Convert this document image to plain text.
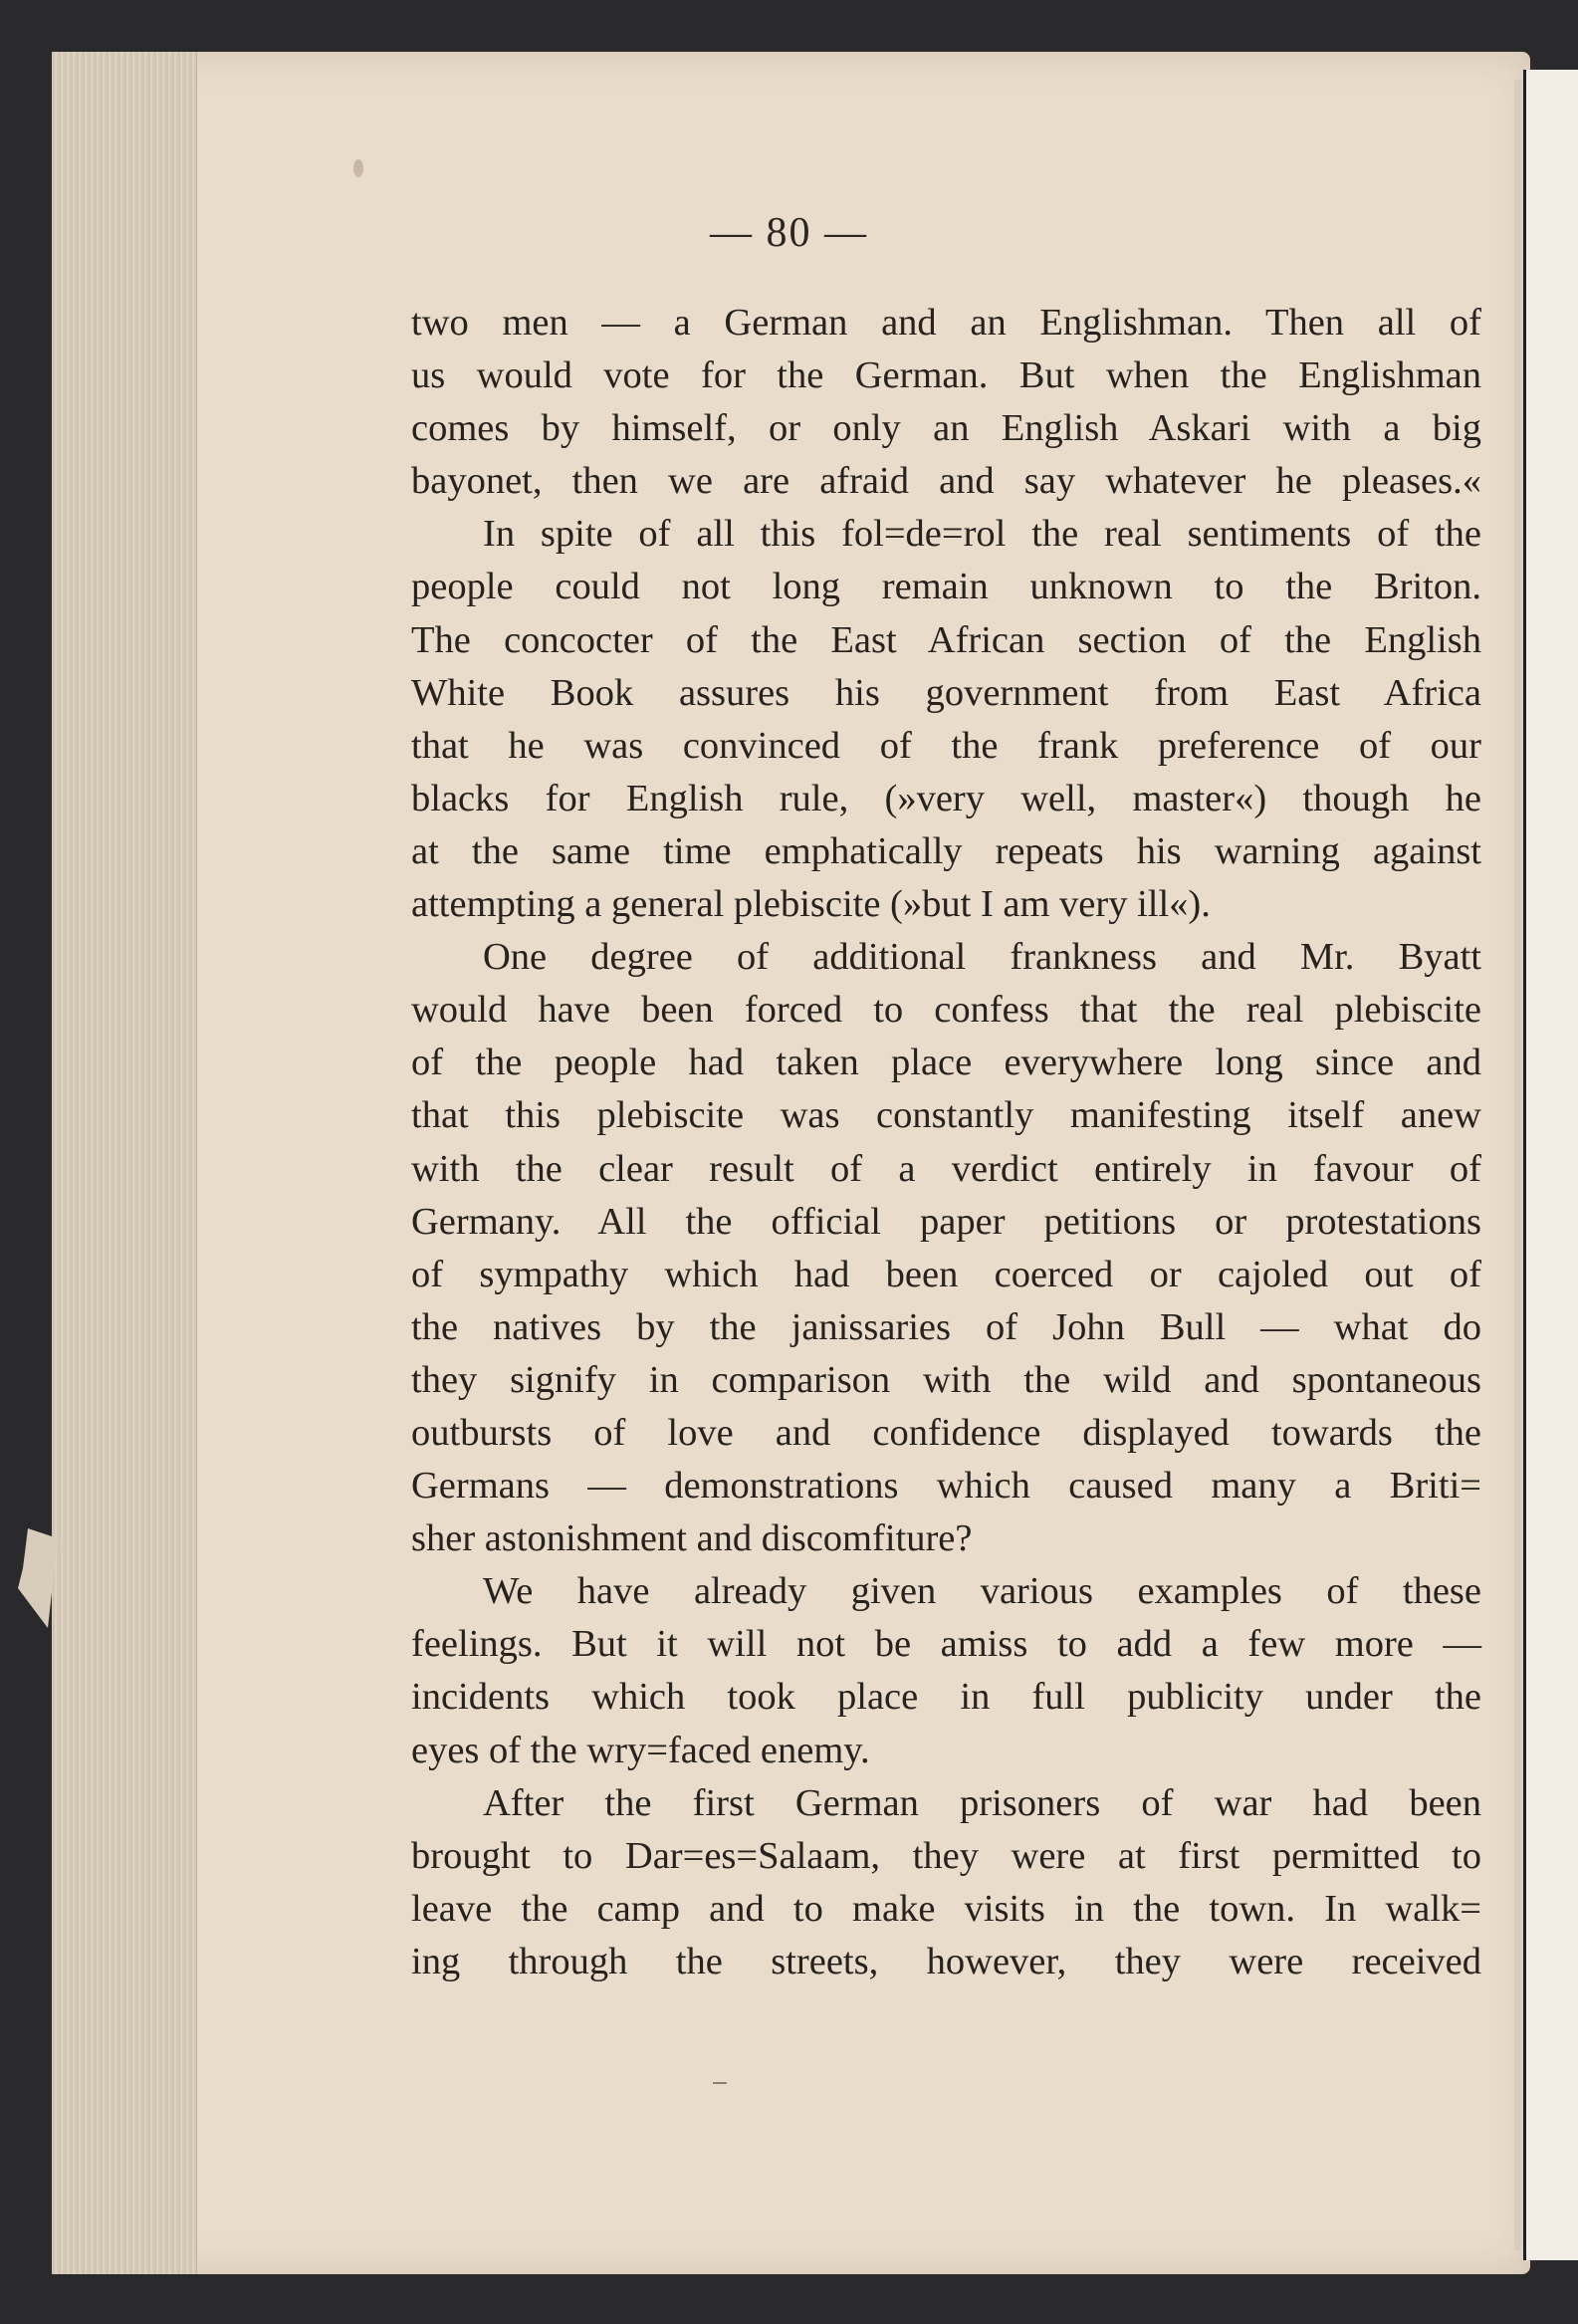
— 80 —
two men — a German and an Englishman. Then all of
us would vote for the German. But when the Englishman
comes by himself, or only an English Askari with a big
bayonet, then we are afraid and say whatever he pleases.«
In spite of all this fol=de=rol the real sentiments of the
people could not long remain unknown to the Briton.
The concocter of the East African section of the English
White Book assures his government from East Africa
that he was convinced of the frank preference of our
blacks for English rule, (»very well, master«) though he
at the same time emphatically repeats his warning against
attempting a general plebiscite (»but I am very ill«).
One degree of additional frankness and Mr. Byatt
would have been forced to confess that the real plebiscite
of the people had taken place everywhere long since and
that this plebiscite was constantly manifesting itself anew
with the clear result of a verdict entirely in favour of
Germany. All the official paper petitions or protestations
of sympathy which had been coerced or cajoled out of
the natives by the janissaries of John Bull — what do
they signify in comparison with the wild and spontaneous
outbursts of love and confidence displayed towards the
Germans — demonstrations which caused many a Briti=
sher astonishment and discomfiture?
We have already given various examples of these
feelings. But it will not be amiss to add a few more —
incidents which took place in full publicity under the
eyes of the wry=faced enemy.
After the first German prisoners of war had been
brought to Dar=es=Salaam, they were at first permitted to
leave the camp and to make visits in the town. In walk=
ing through the streets, however, they were received
